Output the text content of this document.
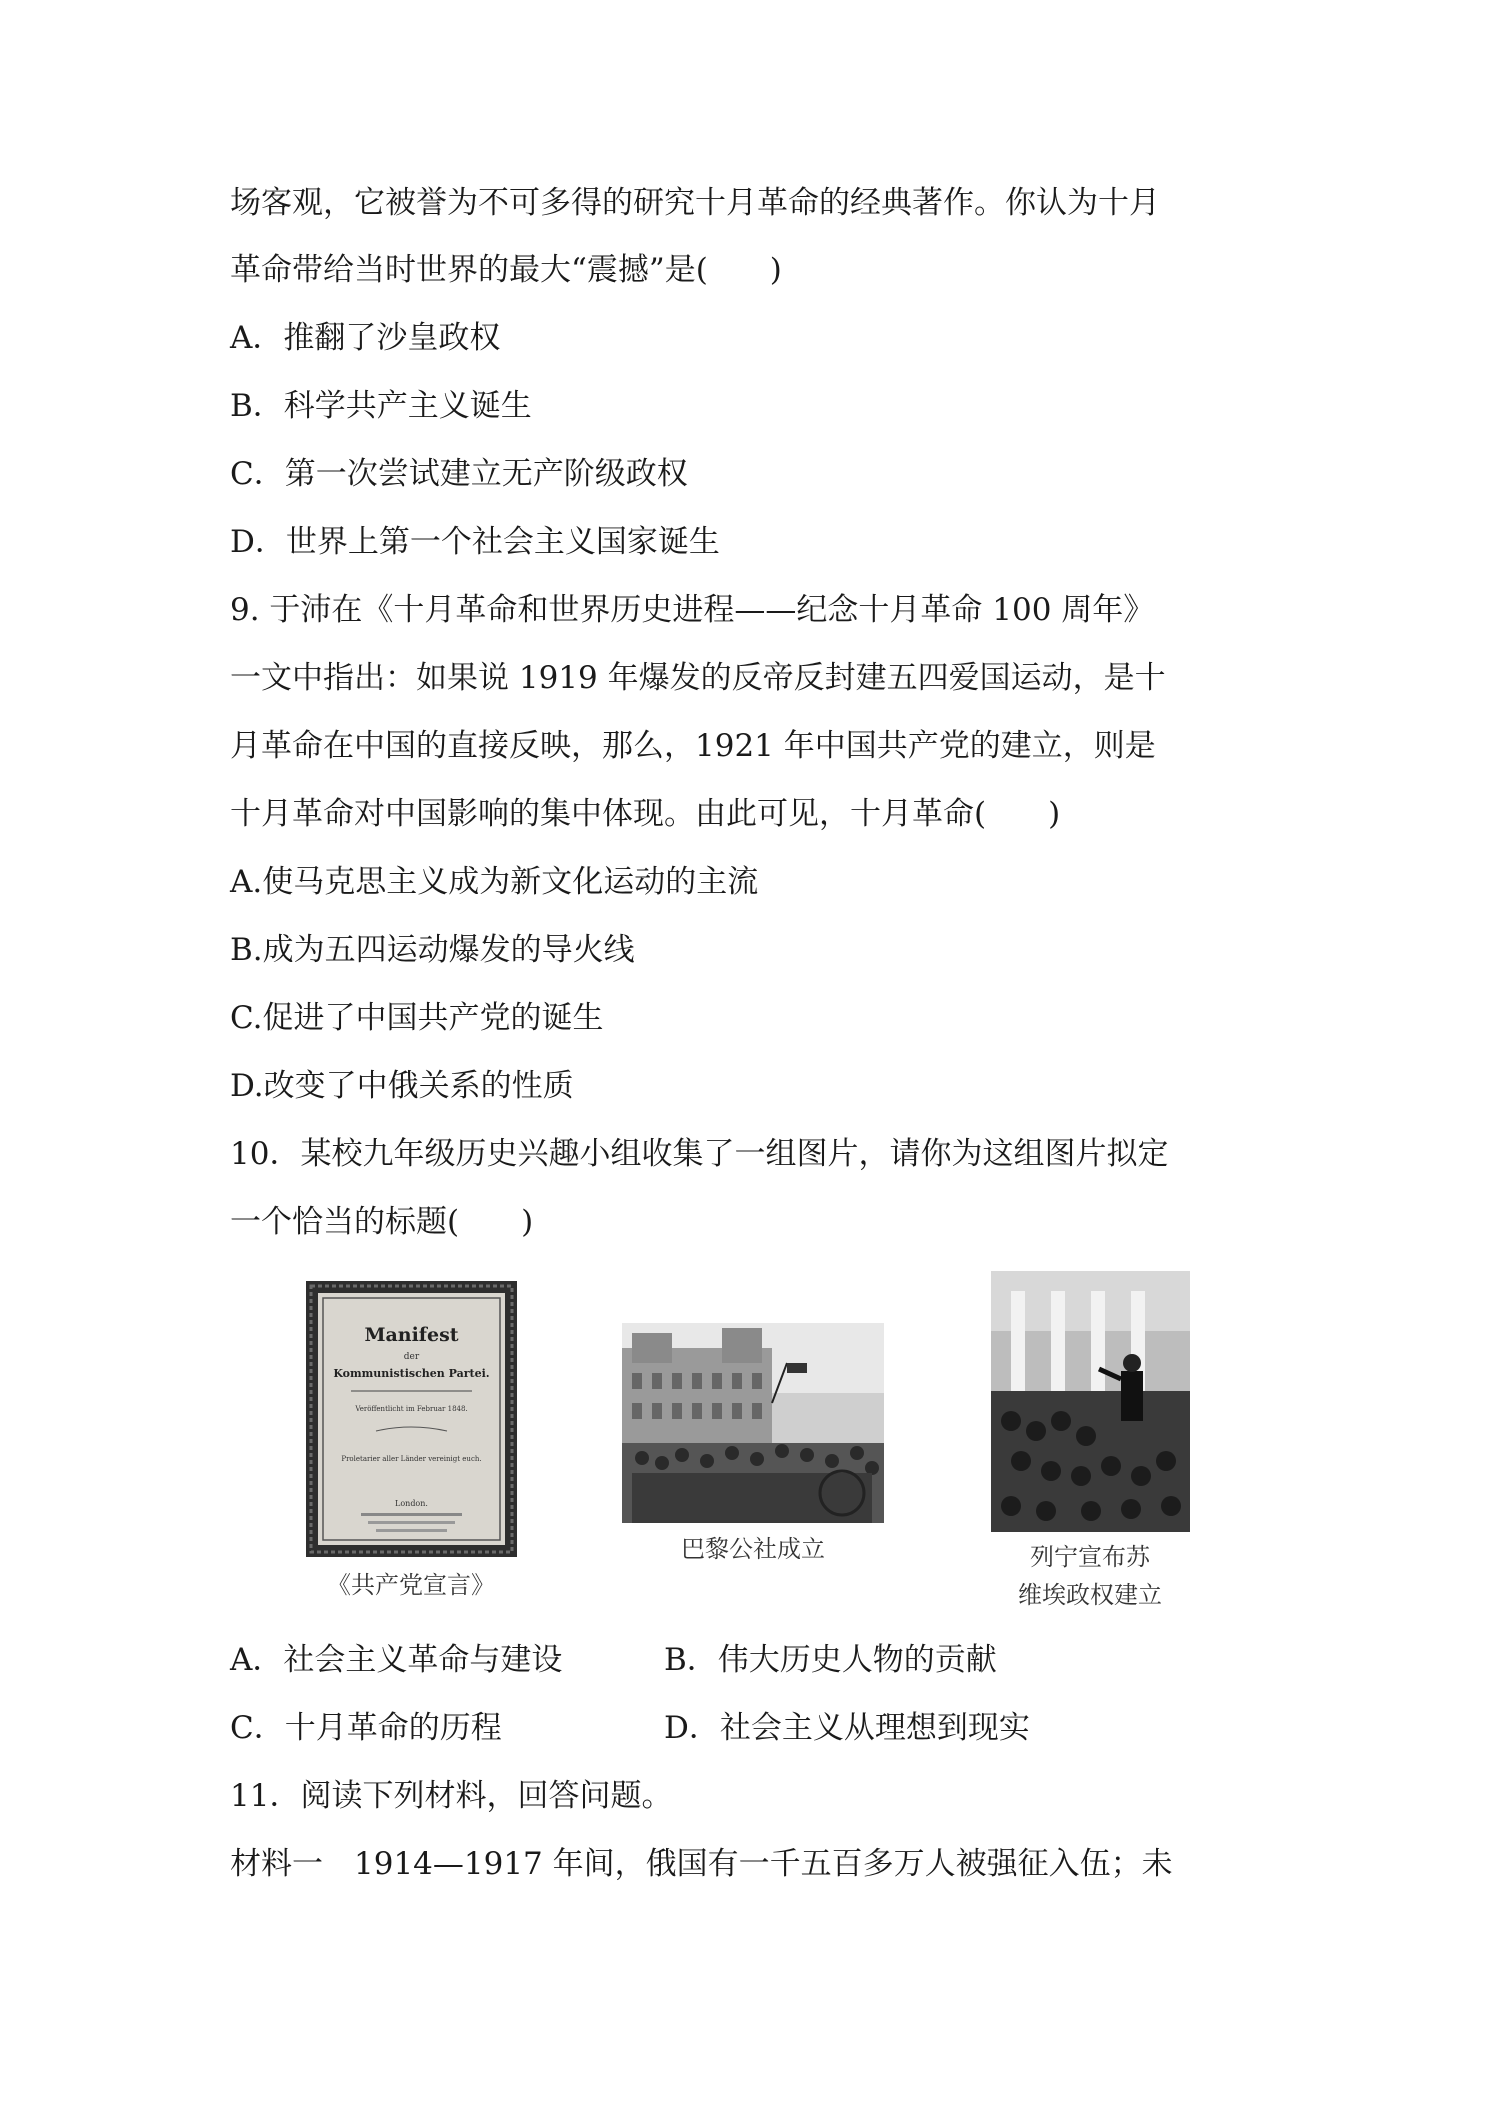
场客观，它被誉为不可多得的研究十月革命的经典著作。你认为十月
革命带给当时世界的最大“震撼”是(　　)
A．推翻了沙皇政权
B．科学共产主义诞生
C．第一次尝试建立无产阶级政权
D．世界上第一个社会主义国家诞生
9. 于沛在《十月革命和世界历史进程——纪念十月革命 100 周年》
一文中指出：如果说 1919 年爆发的反帝反封建五四爱国运动，是十
月革命在中国的直接反映，那么，1921 年中国共产党的建立，则是
十月革命对中国影响的集中体现。由此可见，十月革命(　　)
A.使马克思主义成为新文化运动的主流
B.成为五四运动爆发的导火线
C.促进了中国共产党的诞生
D.改变了中俄关系的性质
10．某校九年级历史兴趣小组收集了一组图片，请你为这组图片拟定
一个恰当的标题(　　)
Manifest
der
Kommunistischen Partei.
Veröffentlicht im Februar 1848.
Proletarier aller Länder vereinigt euch.
London.
《共产党宣言》
巴黎公社成立	列宁宣布苏
维埃政权建立
A．社会主义革命与建设	B．伟大历史人物的贡献
C．十月革命的历程	D．社会主义从理想到现实
11．阅读下列材料，回答问题。
材料一　1914—1917 年间，俄国有一千五百多万人被强征入伍；未
